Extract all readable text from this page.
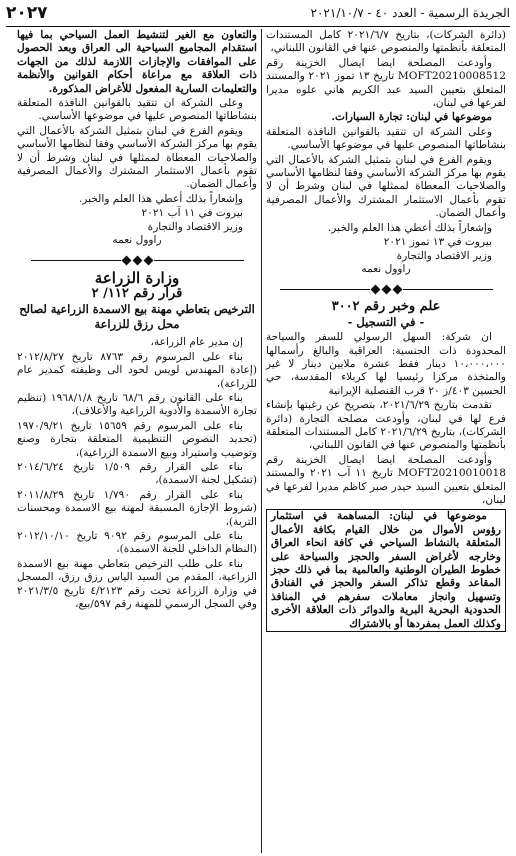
الجريدة الرسمية - العدد ٤٠ - ٢٠٢١/١٠/٧
٢٠٢٧

(دائرة الشركات)، بتاريخ ٢٠٢١/٦/٧ كامل المستندات المتعلقة بأنظمتها والمنصوص عنها في القانون اللبناني،

وأودعت المصلحة ايضا ايصال الخزينة رقم MOFT20210008512 تاريخ ١٣ تموز ٢٠٢١ والمستند المتعلق بتعيين السيد عبد الكريم هاني علوه مديرا لفرعها في لبنان،

موضوعها في لبنان: تجارة السيارات.

وعلى الشركة ان تتقيد بالقوانين النافذة المتعلقة بنشاطاتها المنصوص عليها في موضوعها الأساسي.

ويقوم الفرع في لبنان بتمثيل الشركة بالأعمال التي يقوم بها مركز الشركة الأساسي وفقا لنظامها الأساسي والصلاحيات المعطاة لممثلها في لبنان وشرط أن لا تقوم بأعمال الاستثمار المشترك والأعمال المصرفية وأعمال الضمان.

وإشعاراً بذلك أعطي هذا العلم والخبر.

بيروت في ١٣ تموز ٢٠٢١

وزير الاقتصاد والتجارة

راوول نعمه

علم وخبر رقم ٣٠٠٢

- في التسجيل -

ان شركة: السهل الرسولي للسفر والسياحة المحدودة ذات الجنسية: العراقية والبالغ رأسمالها ١٠،٠٠٠،٠٠٠ دينار فقط عشرة ملايين دينار لا غير والمتخذة مركزا رئيسيا لها كربلاء المقدسة، حي الحسين ٤٠٣/ز ٢٠ قرب القنصلية الإيرانية

تقدمت بتاريخ ٢٠٢١/٦/٢٩، بتصريح عن رغبتها بإنشاء فرع لها في لبنان، وأودعت مصلحة التجارة (دائرة الشركات)، بتاريخ ٢٠٢١/٦/٢٩ كامل المستندات المتعلقة بأنظمتها والمنصوص عنها في القانون اللبناني،

وأودعت المصلحة ايضا ايصال الخزينة رقم MOFT20210010018 تاريخ ١١ آب ٢٠٢١ والمستند المتعلق بتعيين السيد حيدر صبر كاظم مديرا لفرعها في لبنان،

موضوعها في لبنان: المساهمة في استثمار رؤوس الأموال من خلال القيام بكافة الأعمال المتعلقة بالنشاط السياحي في كافة انحاء العراق وخارجه لأغراض السفر والحجز والسياحة على خطوط الطيران الوطنية والعالمية بما في ذلك حجز المقاعد وقطع تذاكر السفر والحجز في الفنادق وتسهيل وانجاز معاملات سفرهم في المنافذ الحدودية البحرية البرية والدوائر ذات العلاقة الأخرى وكذلك العمل بمفردها أو بالاشتراك

والتعاون مع الغير لتنشيط العمل السياحي بما فيها استقدام المجاميع السياحية الى العراق وبعد الحصول على الموافقات والإجازات اللازمة لذلك من الجهات ذات العلاقة مع مراعاة أحكام القوانين والأنظمة والتعليمات السارية المفعول للأغراض المذكورة.

وعلى الشركة ان تتقيد بالقوانين النافذة المتعلقة بنشاطاتها المنصوص عليها في موضوعها الأساسي.

ويقوم الفرع في لبنان بتمثيل الشركة بالأعمال التي يقوم بها مركز الشركة الأساسي وفقا لنظامها الأساسي والصلاحيات المعطاة لممثلها في لبنان وشرط أن لا تقوم بأعمال الاستثمار المشترك والأعمال المصرفية وأعمال الضمان.

وإشعاراً بذلك أعطي هذا العلم والخبر.

بيروت في ١١ آب ٢٠٢١

وزير الاقتصاد والتجارة

راوول نعمه

وزارة الزراعة

قرار رقم ١١٢/ ٢

الترخيص بتعاطي مهنة بيع الاسمدة الزراعية لصالح محل رزق للزراعة

إن مدير عام الزراعة،

بناء على المرسوم رقم ٨٧٦٣ تاريخ ٢٠١٢/٨/٢٧ (إعادة المهندس لويس لحود الى وظيفته كمدير عام للزراعة)،

بناء على القانون رقم ٦٨/٦ تاريخ ١٩٦٨/١/٨ (تنظيم تجارة الأسمدة والأدوية الزراعية والأعلاف)،

بناء على المرسوم رقم ١٥٦٥٩ تاريخ ١٩٧٠/٩/٢١ (تحديد النصوص التنظيمية المتعلقة بتجارة وصنع وتوضيب واستيراد وبيع الاسمدة الزراعية)،

بناء على القرار رقم ١/٥٠٩ تاريخ ٢٠١٤/٦/٢٤ (تشكيل لجنة الاسمدة)،

بناء على القرار رقم ١/٧٩٠ تاريخ ٢٠١١/٨/٢٩ (شروط الإجازة المسبقة لمهنة بيع الاسمدة ومحسنات التربة)،

بناء على المرسوم رقم ٩٠٩٢ تاريخ ٢٠١٢/١٠/١٠ (النظام الداخلي للجنة الاسمدة)،

بناء على طلب الترخيص بتعاطي مهنة بيع الاسمدة الزراعية، المقدم من السيد الياس رزق رزق، المسجل في وزارة الزراعة تحت رقم ٤/٢١٢٣ تاريخ ٢٠٢١/٣/٥ وفي السجل الرسمي للمهنة رقم ٥٩٧/بيع،
